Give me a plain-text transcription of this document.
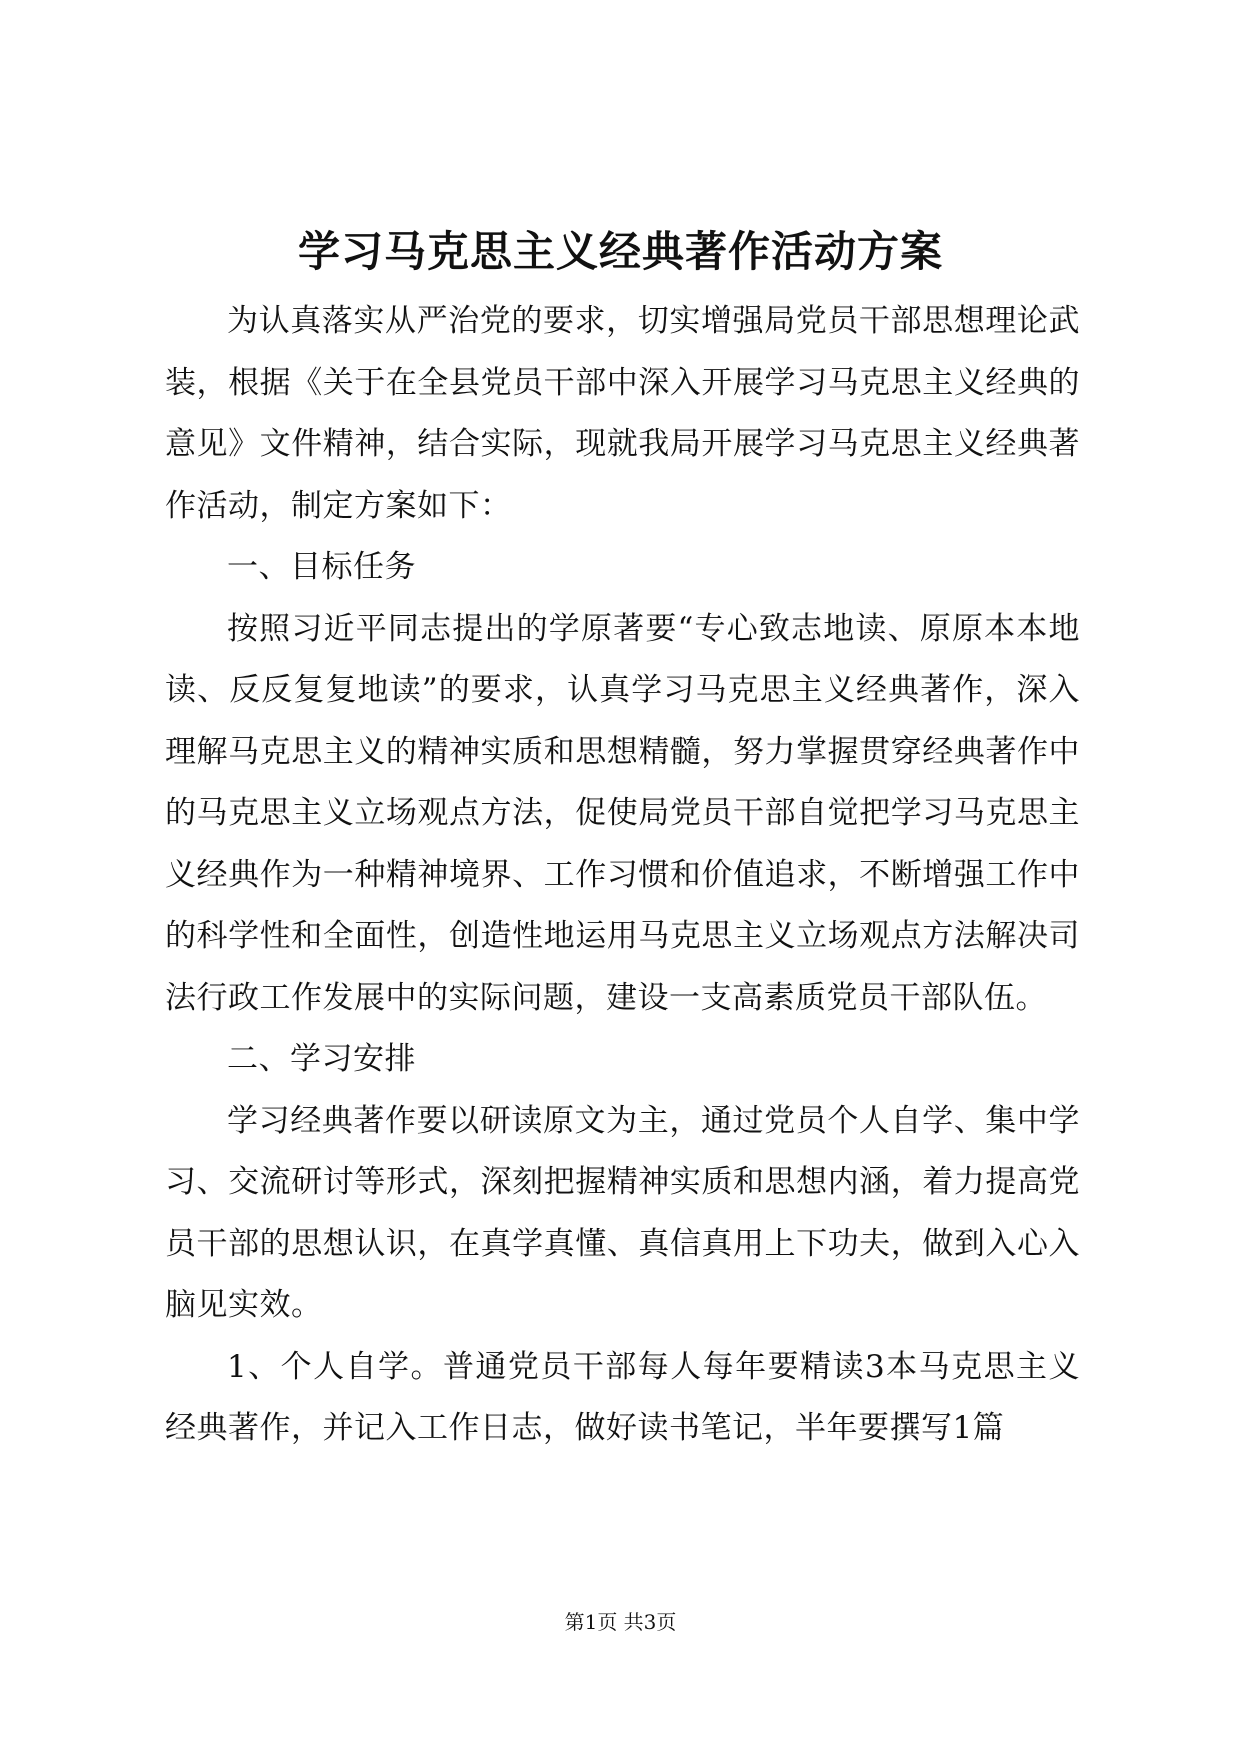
学习马克思主义经典著作活动方案

为认真落实从严治党的要求，切实增强局党员干部思想理论武装，根据《关于在全县党员干部中深入开展学习马克思主义经典的意见》文件精神，结合实际，现就我局开展学习马克思主义经典著作活动，制定方案如下：

一、目标任务

按照习近平同志提出的学原著要“专心致志地读、原原本本地读、反反复复地读”的要求，认真学习马克思主义经典著作，深入理解马克思主义的精神实质和思想精髓，努力掌握贯穿经典著作中的马克思主义立场观点方法，促使局党员干部自觉把学习马克思主义经典作为一种精神境界、工作习惯和价值追求，不断增强工作中的科学性和全面性，创造性地运用马克思主义立场观点方法解决司法行政工作发展中的实际问题，建设一支高素质党员干部队伍。

二、学习安排

学习经典著作要以研读原文为主，通过党员个人自学、集中学习、交流研讨等形式，深刻把握精神实质和思想内涵，着力提高党员干部的思想认识，在真学真懂、真信真用上下功夫，做到入心入脑见实效。

1、个人自学。普通党员干部每人每年要精读3本马克思主义经典著作，并记入工作日志，做好读书笔记，半年要撰写1篇

第1页 共3页
